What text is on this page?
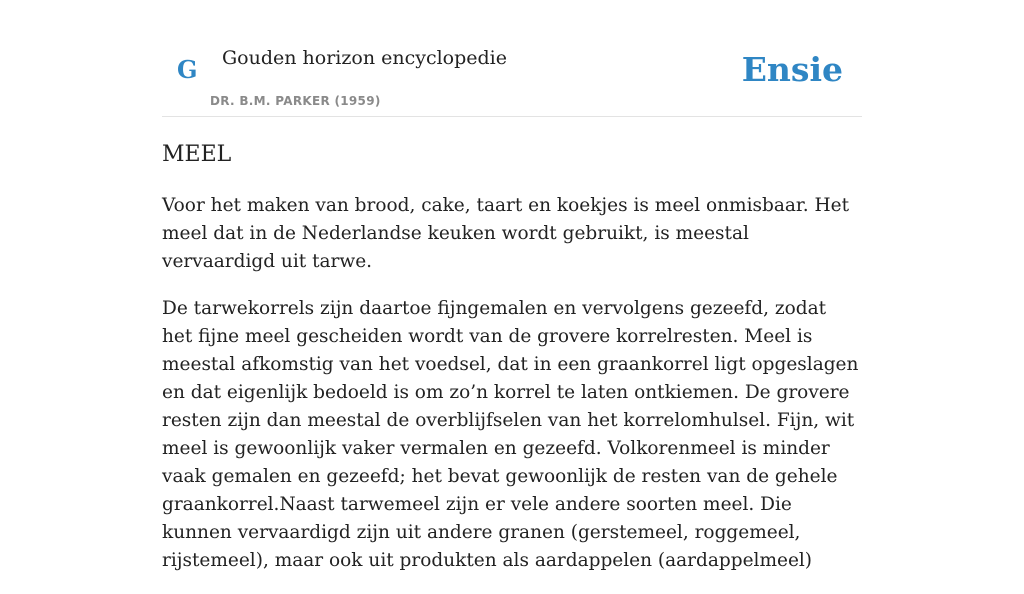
G Gouden horizon encyclopedie
DR. B.M. PARKER (1959)
Ensie
MEEL

Voor het maken van brood, cake, taart en koekjes is meel onmisbaar. Het meel dat in de Nederlandse keuken wordt gebruikt, is meestal vervaardigd uit tarwe.

De tarwekorrels zijn daartoe fijngemalen en vervolgens gezeefd, zodat het fijne meel gescheiden wordt van de grovere korrelresten. Meel is meestal afkomstig van het voedsel, dat in een graankorrel ligt opgeslagen en dat eigenlijk bedoeld is om zo’n korrel te laten ontkiemen. De grovere resten zijn dan meestal de overblijfselen van het korrelomhulsel. Fijn, wit meel is gewoonlijk vaker vermalen en gezeefd. Volkorenmeel is minder vaak gemalen en gezeefd; het bevat gewoonlijk de resten van de gehele graankorrel.Naast tarwemeel zijn er vele andere soorten meel. Die kunnen vervaardigd zijn uit andere granen (gerstemeel, roggemeel, rijstemeel), maar ook uit produkten als aardappelen (aardappelmeel)
